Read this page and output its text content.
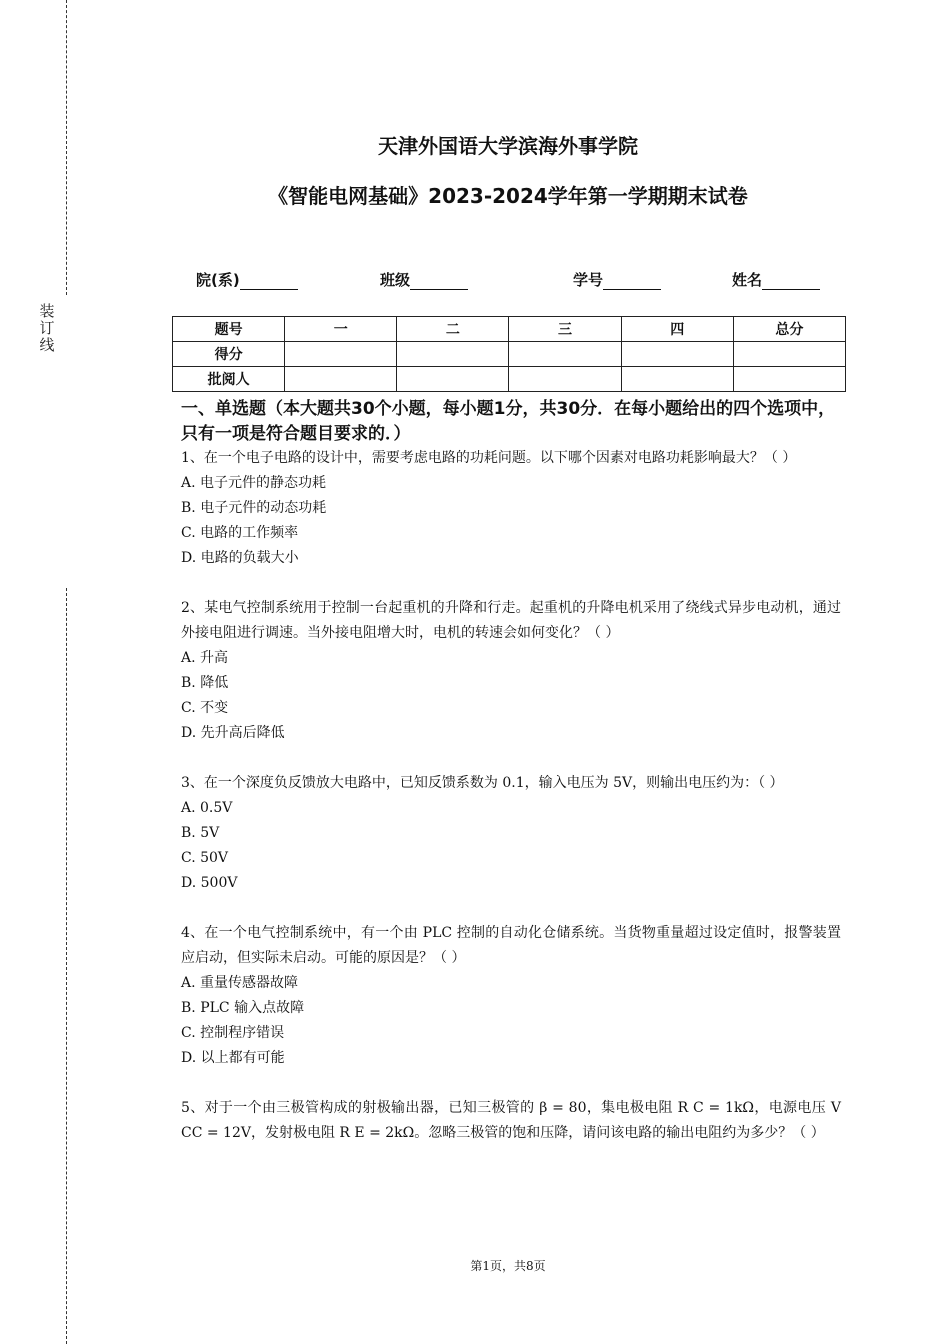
装订线
天津外国语大学滨海外事学院
《智能电网基础》2023-2024学年第一学期期末试卷
院(系)	班级	学号	姓名
题号	一	二	三	四	总分
得分					
批阅人					
一、单选题（本大题共30个小题，每小题1分，共30分．在每小题给出的四个选项中，只有一项是符合题目要求的．）
1、在一个电子电路的设计中，需要考虑电路的功耗问题。以下哪个因素对电路功耗影响最大？（ ）
A. 电子元件的静态功耗
B. 电子元件的动态功耗
C. 电路的工作频率
D. 电路的负载大小
2、某电气控制系统用于控制一台起重机的升降和行走。起重机的升降电机采用了绕线式异步电动机，通过外接电阻进行调速。当外接电阻增大时，电机的转速会如何变化？（ ）
A. 升高
B. 降低
C. 不变
D. 先升高后降低
3、在一个深度负反馈放大电路中，已知反馈系数为 0.1，输入电压为 5V，则输出电压约为：（ ）
A. 0.5V
B. 5V
C. 50V
D. 500V
4、在一个电气控制系统中，有一个由 PLC 控制的自动化仓储系统。当货物重量超过设定值时，报警装置应启动，但实际未启动。可能的原因是？（ ）
A. 重量传感器故障
B. PLC 输入点故障
C. 控制程序错误
D. 以上都有可能
5、对于一个由三极管构成的射极输出器，已知三极管的 β = 80，集电极电阻 R C = 1kΩ，电源电压 V CC = 12V，发射极电阻 R E = 2kΩ。忽略三极管的饱和压降，请问该电路的输出电阻约为多少？（ ）
第1页，共8页
